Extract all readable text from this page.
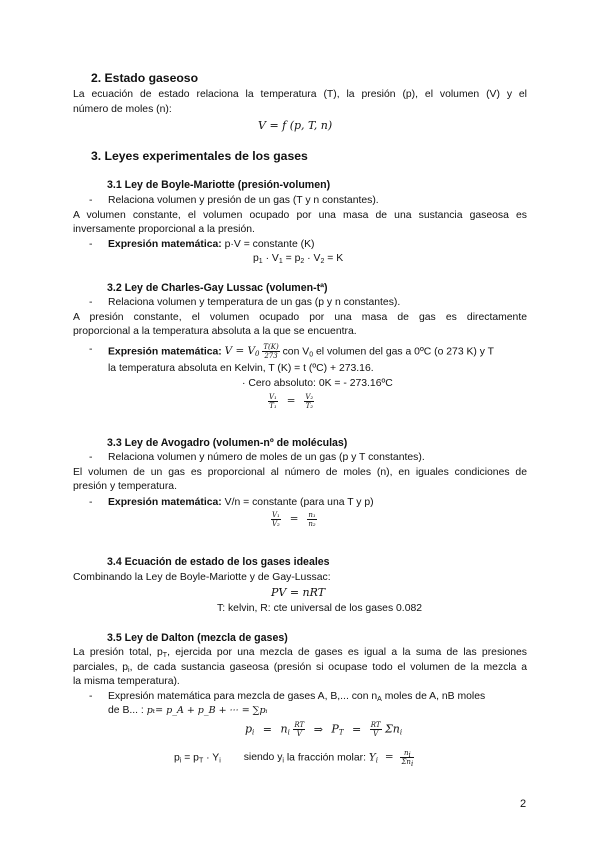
2. Estado gaseoso
La ecuación de estado relaciona la temperatura (T), la presión (p), el volumen (V) y el
número de moles (n):
V = f (p, T, n)
3. Leyes experimentales de los gases
3.1 Ley de Boyle-Mariotte (presión-volumen)
- Relaciona volumen y presión de un gas (T y n constantes).
A volumen constante, el volumen ocupado por una masa de una sustancia gaseosa es
inversamente proporcional a la presión.
- Expresión matemática: p·V = constante (K)
$p_1 \cdot V_1 = p_2 \cdot V_2 = K$
3.2 Ley de Charles-Gay Lussac (volumen-tª)
- Relaciona volumen y temperatura de un gas (p y n constantes).
A presión constante, el volumen ocupado por una masa de gas es directamente
proporcional a la temperatura absoluta a la que se encuentra.
- Expresión matemática: $V = V_0 \frac{T(K)}{273}$ con $V_0$ el volumen del gas a 0ºC (o 273 K) y T
la temperatura absoluta en Kelvin, T (K) = t (ºC) + 273.16.
· Cero absoluto: 0K = - 273.16ºC
$\frac{\text{V₁}}{\text{T₁}} = \frac{\text{V₂}}{\text{T₂}}$
3.3 Ley de Avogadro (volumen-nº de moléculas)
- Relaciona volumen y número de moles de un gas (p y T constantes).
El volumen de un gas es proporcional al número de moles (n), en iguales condiciones de
presión y temperatura.
- Expresión matemática: V/n = constante (para una T y p)
$\frac{\text{V₁}}{\text{V₂}} = \frac{\text{n₁}}{\text{n₂}}$
3.4 Ecuación de estado de los gases ideales
Combinando la Ley de Boyle-Mariotte y de Gay-Lussac:
PV = nRT
T: kelvin, R: cte universal de los gases 0.082
3.5 Ley de Dalton (mezcla de gases)
La presión total, $p_T$, ejercida por una mezcla de gases es igual a la suma de las presiones
parciales, $p_i$, de cada sustancia gaseosa (presión si ocupase todo el volumen de la mezcla a
la misma temperatura).
- Expresión matemática para mezcla de gases A, B,... con $n_A$ moles de A, nB moles
de B... : pₜ= p_A + p_B + ··· = ∑pᵢ
$p_i = n_i \frac{RT}{V}$ ⇒ $P_T = \frac{RT}{V} \Sigma n_i$
$p_i = p_T \cdot Y_i$ siendo $y_i$ la fracción molar: $Y_i = \frac{n_i}{\Sigma n_i}$
2
